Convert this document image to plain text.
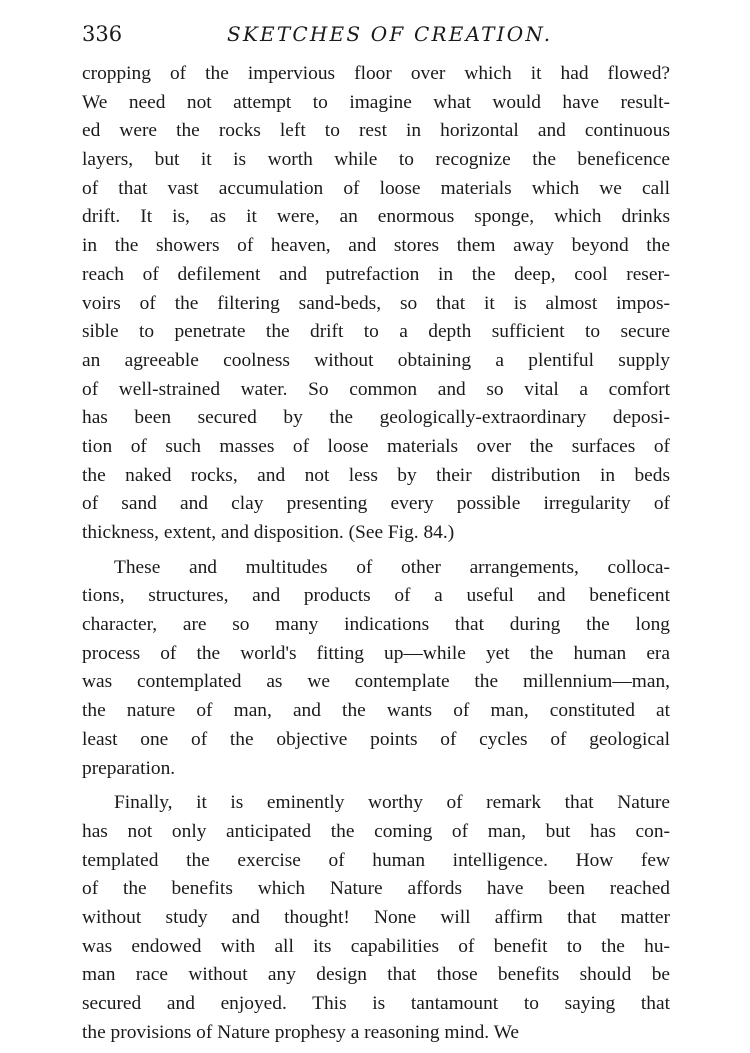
336	SKETCHES OF CREATION.
cropping of the impervious floor over which it had flowed?
We need not attempt to imagine what would have result-
ed were the rocks left to rest in horizontal and continuous
layers, but it is worth while to recognize the beneficence
of that vast accumulation of loose materials which we call
drift. It is, as it were, an enormous sponge, which drinks
in the showers of heaven, and stores them away beyond the
reach of defilement and putrefaction in the deep, cool reser-
voirs of the filtering sand-beds, so that it is almost impos-
sible to penetrate the drift to a depth sufficient to secure
an agreeable coolness without obtaining a plentiful supply
of well-strained water. So common and so vital a comfort
has been secured by the geologically-extraordinary deposi-
tion of such masses of loose materials over the surfaces of
the naked rocks, and not less by their distribution in beds
of sand and clay presenting every possible irregularity of
thickness, extent, and disposition. (See Fig. 84.)
These and multitudes of other arrangements, colloca-
tions, structures, and products of a useful and beneficent
character, are so many indications that during the long
process of the world's fitting up—while yet the human era
was contemplated as we contemplate the millennium—man,
the nature of man, and the wants of man, constituted at
least one of the objective points of cycles of geological
preparation.
Finally, it is eminently worthy of remark that Nature
has not only anticipated the coming of man, but has con-
templated the exercise of human intelligence. How few
of the benefits which Nature affords have been reached
without study and thought! None will affirm that matter
was endowed with all its capabilities of benefit to the hu-
man race without any design that those benefits should be
secured and enjoyed. This is tantamount to saying that
the provisions of Nature prophesy a reasoning mind. We
